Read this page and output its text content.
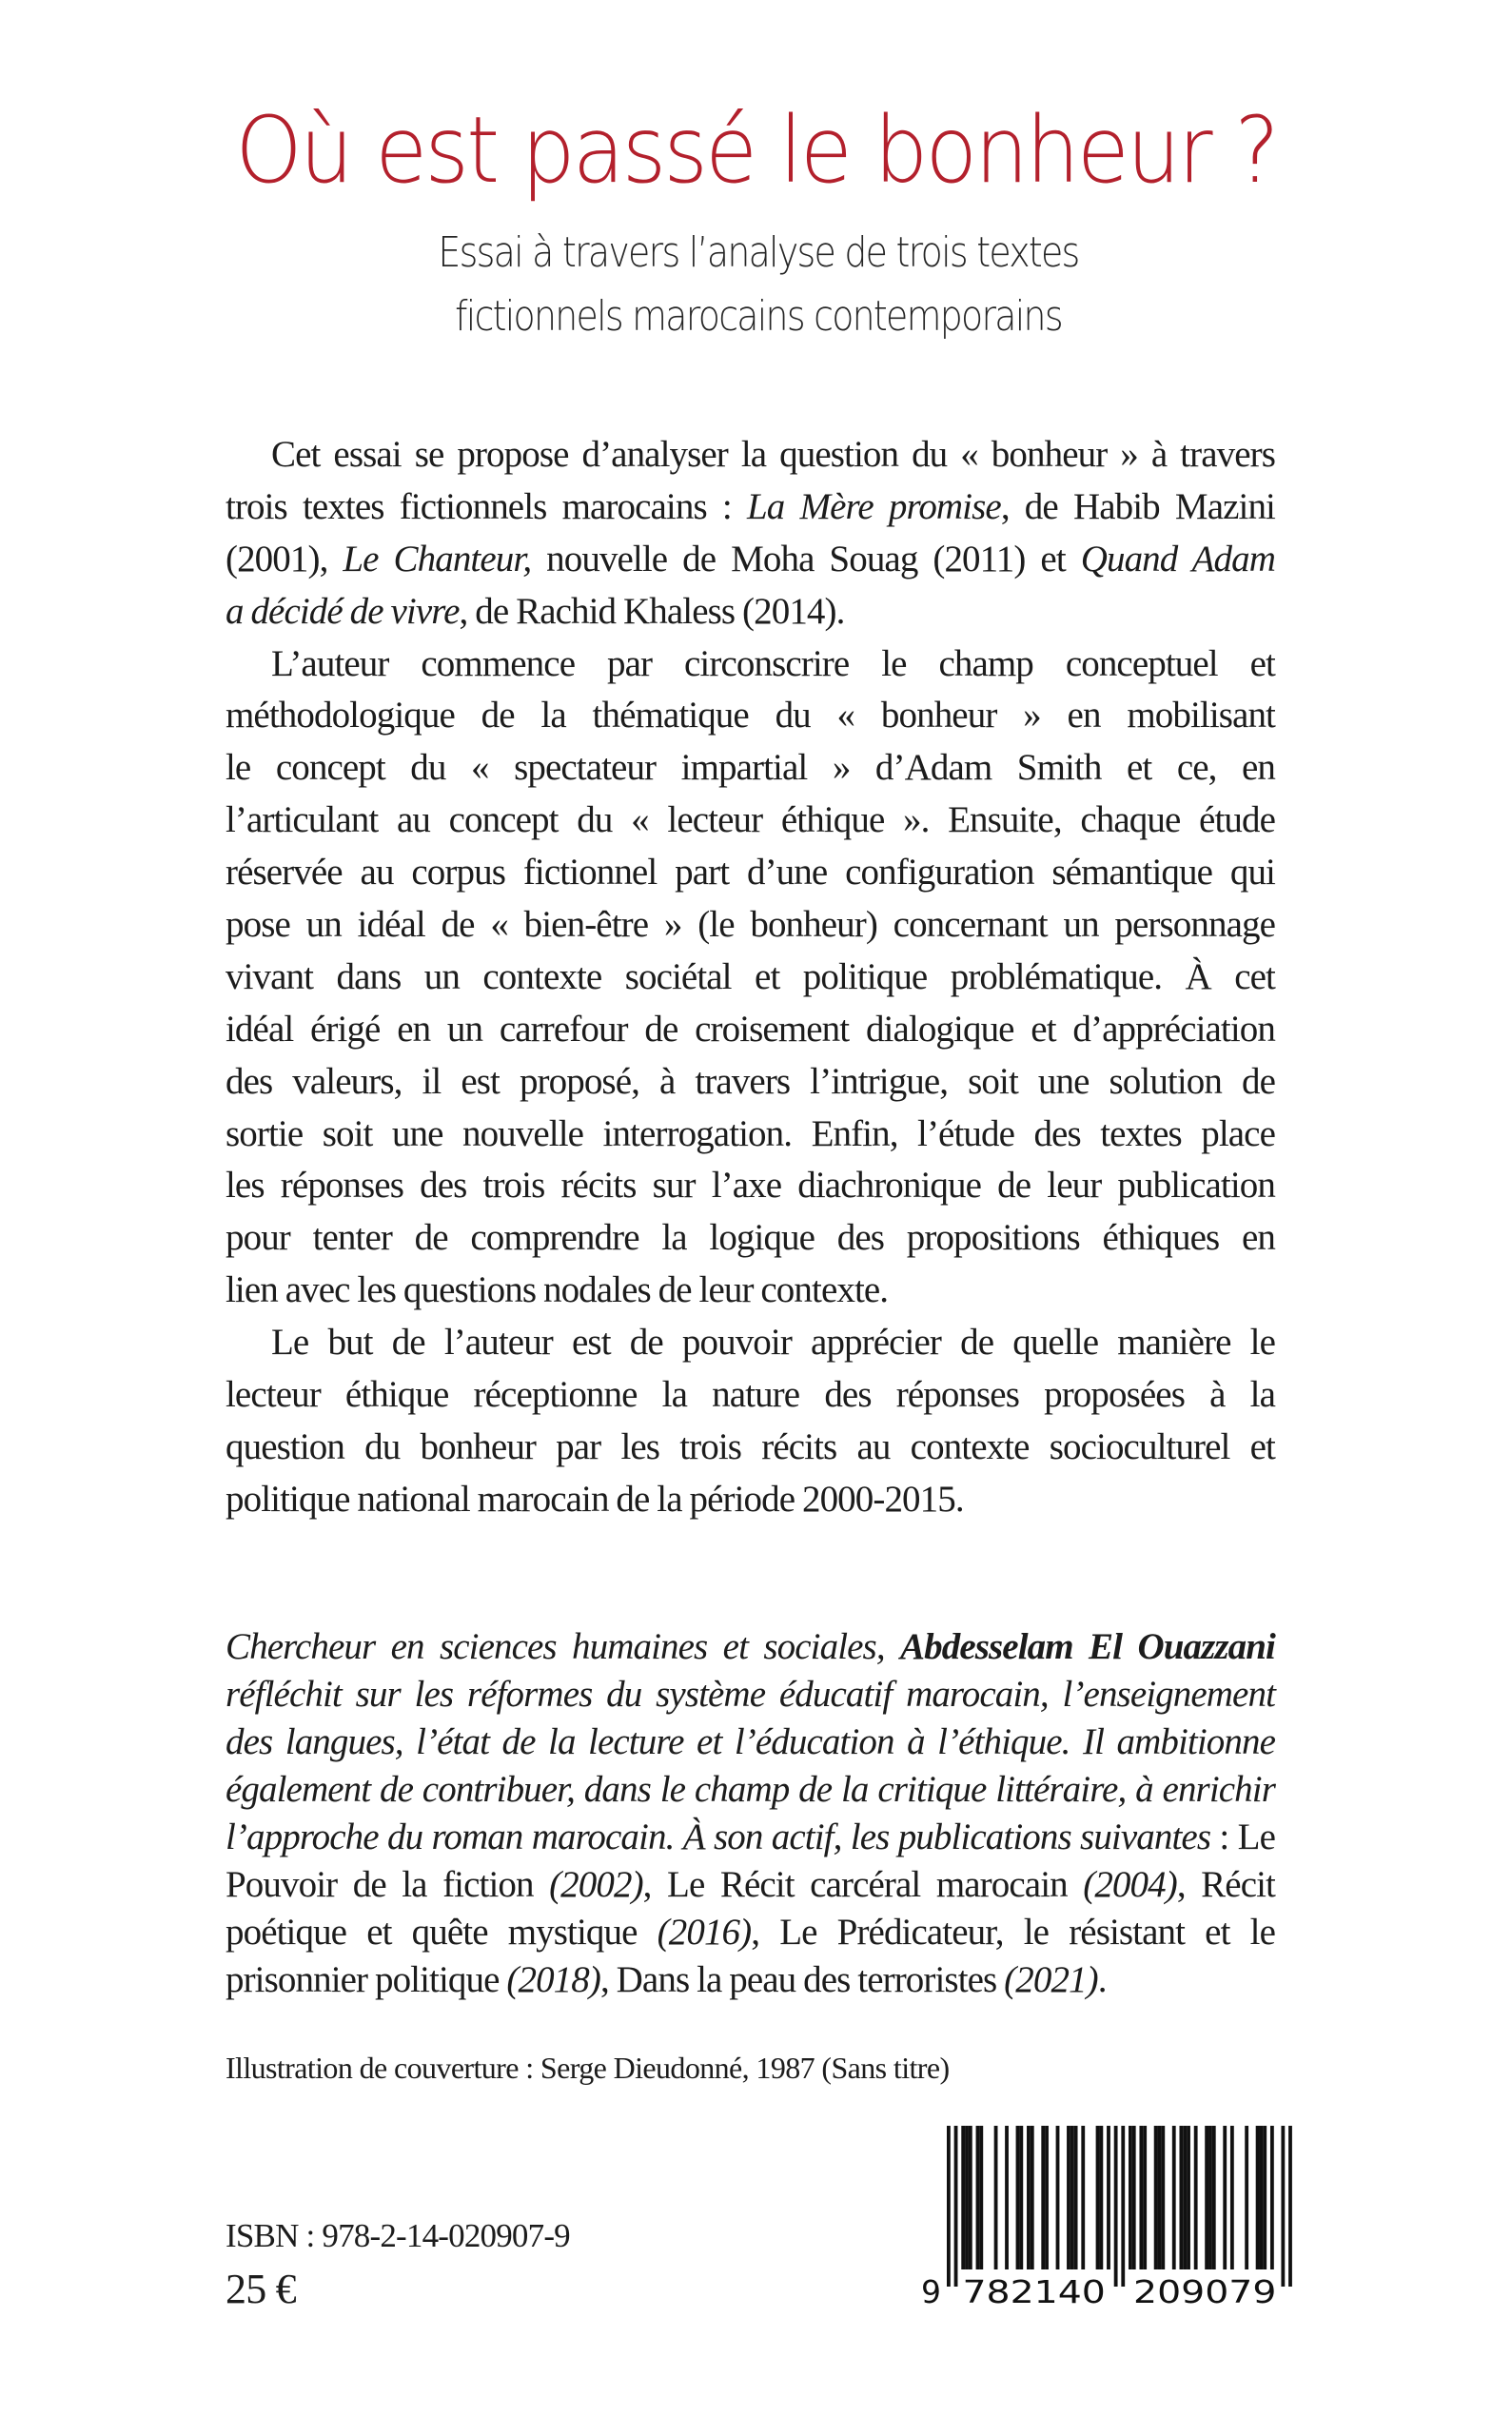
Où est passé le bonheur ?
Essai à travers l’analyse de trois textes
fictionnels marocains contemporains
Cet essai se propose d’analyser la question du « bonheur » à travers
trois textes fictionnels marocains : La Mère promise, de Habib Mazini
(2001), Le Chanteur, nouvelle de Moha Souag (2011) et Quand Adam
a décidé de vivre, de Rachid Khaless (2014).
L’auteur commence par circonscrire le champ conceptuel et
méthodologique de la thématique du « bonheur » en mobilisant
le concept du « spectateur impartial » d’Adam Smith et ce, en
l’articulant au concept du « lecteur éthique ». Ensuite, chaque étude
réservée au corpus fictionnel part d’une configuration sémantique qui
pose un idéal de « bien-être » (le bonheur) concernant un personnage
vivant dans un contexte sociétal et politique problématique. À cet
idéal érigé en un carrefour de croisement dialogique et d’appréciation
des valeurs, il est proposé, à travers l’intrigue, soit une solution de
sortie soit une nouvelle interrogation. Enfin, l’étude des textes place
les réponses des trois récits sur l’axe diachronique de leur publication
pour tenter de comprendre la logique des propositions éthiques en
lien avec les questions nodales de leur contexte.
Le but de l’auteur est de pouvoir apprécier de quelle manière le
lecteur éthique réceptionne la nature des réponses proposées à la
question du bonheur par les trois récits au contexte socioculturel et
politique national marocain de la période 2000-2015.
Chercheur en sciences humaines et sociales, Abdesselam El Ouazzani
réfléchit sur les réformes du système éducatif marocain, l’enseignement
des langues, l’état de la lecture et l’éducation à l’éthique. Il ambitionne
également de contribuer, dans le champ de la critique littéraire, à enrichir
l’approche du roman marocain. À son actif, les publications suivantes : Le
Pouvoir de la fiction (2002), Le Récit carcéral marocain (2004), Récit
poétique et quête mystique (2016), Le Prédicateur, le résistant et le
prisonnier politique (2018), Dans la peau des terroristes (2021).
Illustration de couverture : Serge Dieudonné, 1987 (Sans titre)
ISBN : 978-2-14-020907-9
25 €	9 782140 209079
